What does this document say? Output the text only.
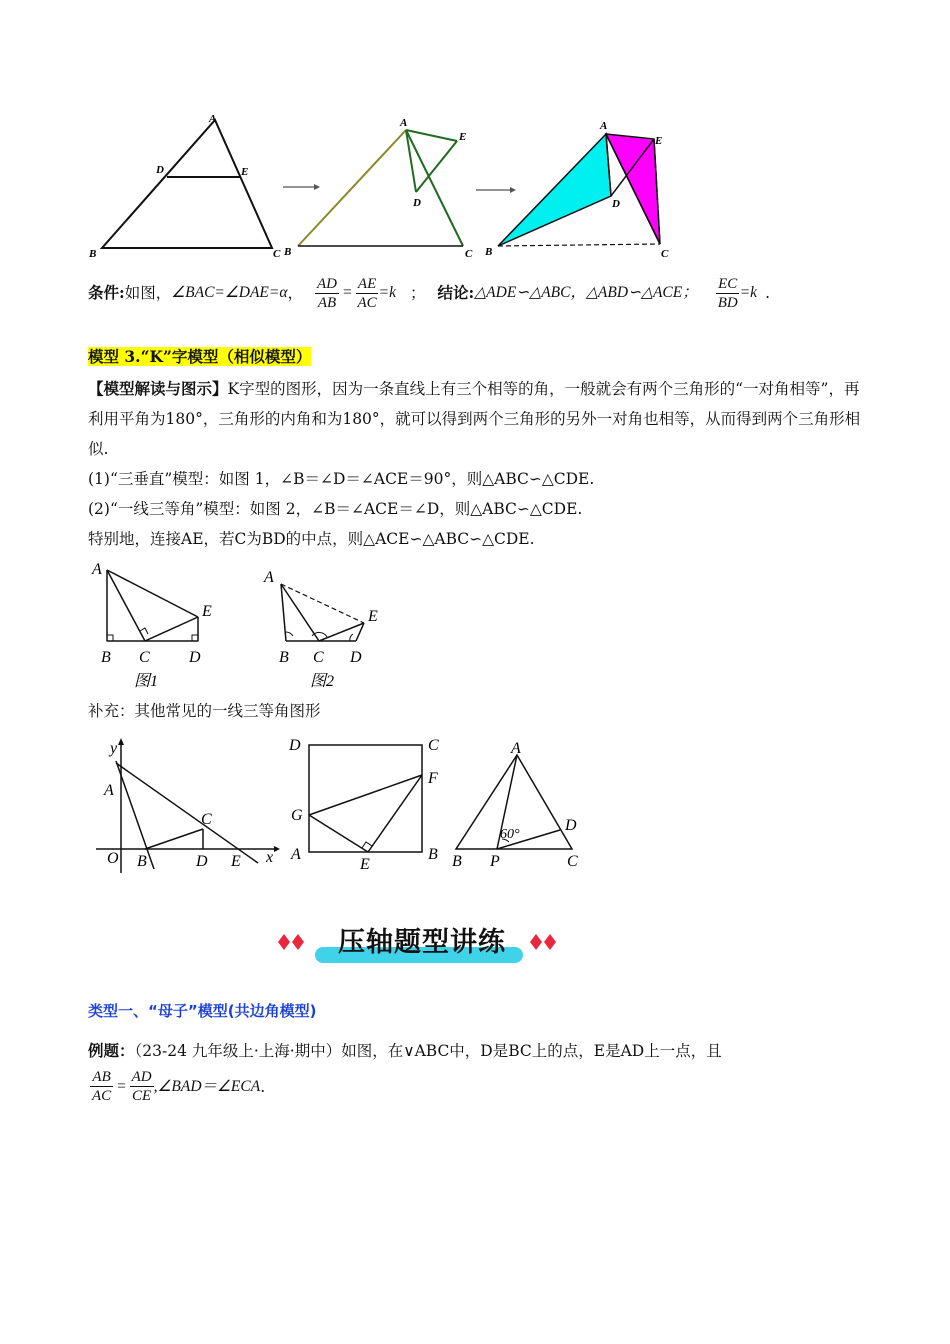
A
D	E
B	C
A
E
D
B	C
A
E
D
B	C
条件: 如图， ∠BAC=∠DAE=α ， $\frac{AD}{AB} = \frac{AE}{AC} =k$ ； 结论: △ADE∽△ABC，△ABD∽△ACE； $\frac{EC}{BD} =k$ .
模型 3.“K”字模型（相似模型）
【模型解读与图示】K字型的图形，因为一条直线上有三个相等的角，一般就会有两个三角形的“一对角相等”，再利用平角为180°，三角形的内角和为180°，就可以得到两个三角形的另外一对角也相等，从而得到两个三角形相似.
(1)“三垂直”模型：如图 1，∠B＝∠D＝∠ACE＝90°，则△ABC∽△CDE.
(2)“一线三等角”模型：如图 2，∠B＝∠ACE＝∠D，则△ABC∽△CDE.
特别地，连接AE，若C为BD的中点，则△ACE∽△ABC∽△CDE.
A
E
B C D
A
E
B C D
图1	图2
补充：其他常见的一线三等角图形
y
A
O B
C
D E x
D	C
F
G
A
E
B
A
D
60°
B P	C
压轴题型讲练
类型一、“母子”模型(共边角模型)
例题：（23-24 九年级上·上海·期中）如图，在∨ABC中，D是BC上的点，E是AD上一点，且
$\frac{AB}{AC} = \frac{AD}{CE}$ ,∠BAD＝∠ECA .
